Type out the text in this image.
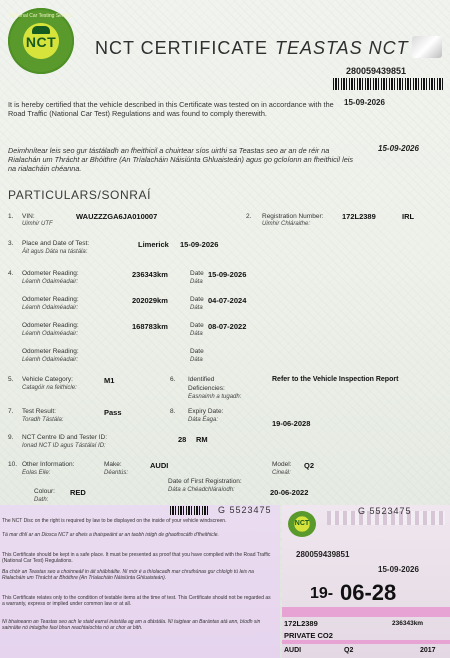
National Car Testing Service
NCT	NCT CERTIFICATE TEASTAS NCT
280059439851
It is hereby certified that the vehicle described in this Certificate was tested on in accordance with the Road Traffic (National Car Test) Regulations and was found to comply therewith.
15-09-2026
Deimhnítear leis seo gur tástáladh an fheithicil a chuirtear síos uirthi sa Teastas seo ar an de réir na Rialachán um Thrácht ar Bhóithre (An Tríalacháin Náisiúnta Ghluaisteán) agus go gcloíonn an fheithicil leis na rialacháin chéanna.
15-09-2026
PARTICULARS/SONRAÍ
1. VIN:
Uimhir UTF
WAUZZZGA6JA010007	2. Registration Number:
Uimhir Chláraithe:
172L2389	IRL
3. Place and Date of Test:
Áit agus Dáta na tástála:
Limerick 15-09-2026
4. Odometer Reading:
Léamh Odaiméadair:
236343km	Date
Dáta
15-09-2026
Odometer Reading:
Léamh Odaiméadair:
202029km	Date
Dáta
04-07-2024
Odometer Reading:
Léamh Odaiméadair:
168783km	Date
Dáta
08-07-2022
Odometer Reading:
Léamh Odaiméadair:
Date
Dáta
5. Vehicle Category:
Catagóir na feithicle:
M1	6. Identified
Deficiencies:
Easnaimh a tugadh:
Refer to the Vehicle Inspection Report
7. Test Result:
Toradh Tástála:
Pass	8. Expiry Date:
Dáta Éaga:	19-06-2028
9. NCT Centre ID and Tester ID:
Ionad NCT ID agus Tástálaí ID:
28 RM
10. Other Information:
Eolas Eile:
Make:
Déantús:
AUDI	Model:
Cineál:
Q2
Date of First Registration:
Dáta a Chéadchláraíodh:	20-06-2022
Colour:
Dath:
RED
G 5523475
The NCT Disc on the right is required by law to be displayed on the inside of your vehicle windscreen.
Tá mar dhlí ar an Diosca NCT ar dheis a thaispeáint ar an taobh istigh de ghaothscáth d'fheithicle.
This Certificate should be kept in a safe place. It must be presented as proof that you have complied with the Road Traffic (National Car Test) Regulations.
Ba chóir an Teastas seo a choinneáil in áit shábháilte. Ní mór é a thíolacadh mar chruthúnas gur chloígh tú leis na Rialacháin um Thrácht ar Bhóithre (An Tríalacháin Náisiúnta Ghluaisteán).
This Certificate relates only to the condition of testable items at the time of test. This Certificate should not be regarded as a warranty, express or implied under common law or at all.
Ní bhaineann an Teastas seo ach le staid earraí inástála ag am a dtástála. Ní tuigtear an Barántas atá ann, bíodh sin sainráite nó intuigthe faoi bhun reachtaíochta nó ar chor ar bith.
NCT
G 5523475
280059439851
15-09-2026
19- 06-28
172L2389	236343km
PRIVATE CO2
AUDI	Q2	2017
